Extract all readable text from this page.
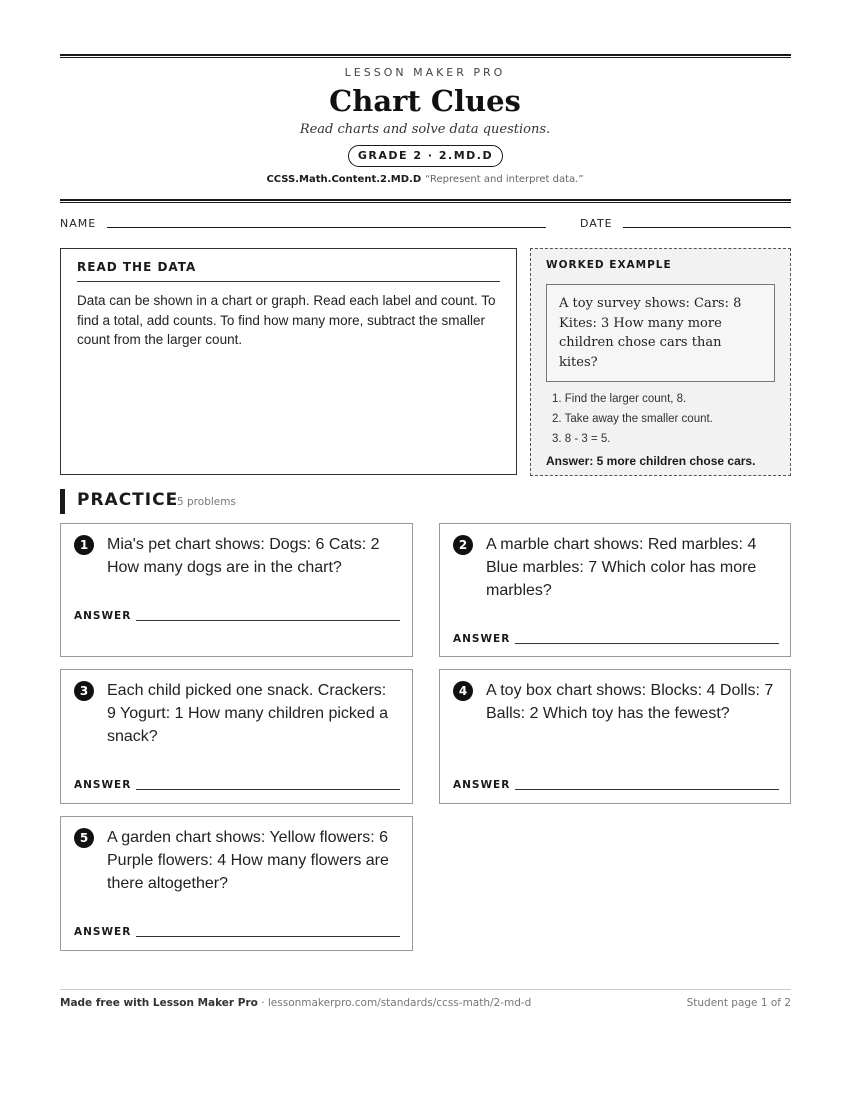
LESSON MAKER PRO
Chart Clues
Read charts and solve data questions.
GRADE 2 · 2.MD.D
CCSS.Math.Content.2.MD.D “Represent and interpret data.”
NAME	DATE
READ THE DATA
Data can be shown in a chart or graph. Read each label and count. To find a total, add counts. To find how many more, subtract the smaller count from the larger count.
WORKED EXAMPLE
A toy survey shows: Cars: 8 Kites: 3 How many more children chose cars than kites?
1. Find the larger count, 8.
2. Take away the smaller count.
3. 8 - 3 = 5.
Answer: 5 more children chose cars.
PRACTICE
5 problems
1	Mia's pet chart shows: Dogs: 6 Cats: 2 How many dogs are in the chart?
ANSWER
2	A marble chart shows: Red marbles: 4 Blue marbles: 7 Which color has more marbles?
ANSWER
3	Each child picked one snack. Crackers: 9 Yogurt: 1 How many children picked a snack?
ANSWER
4	A toy box chart shows: Blocks: 4 Dolls: 7 Balls: 2 Which toy has the fewest?
ANSWER
5	A garden chart shows: Yellow flowers: 6 Purple flowers: 4 How many flowers are there altogether?
ANSWER
Made free with Lesson Maker Pro · lessonmakerpro.com/standards/ccss-math/2-md-d	Student page 1 of 2
